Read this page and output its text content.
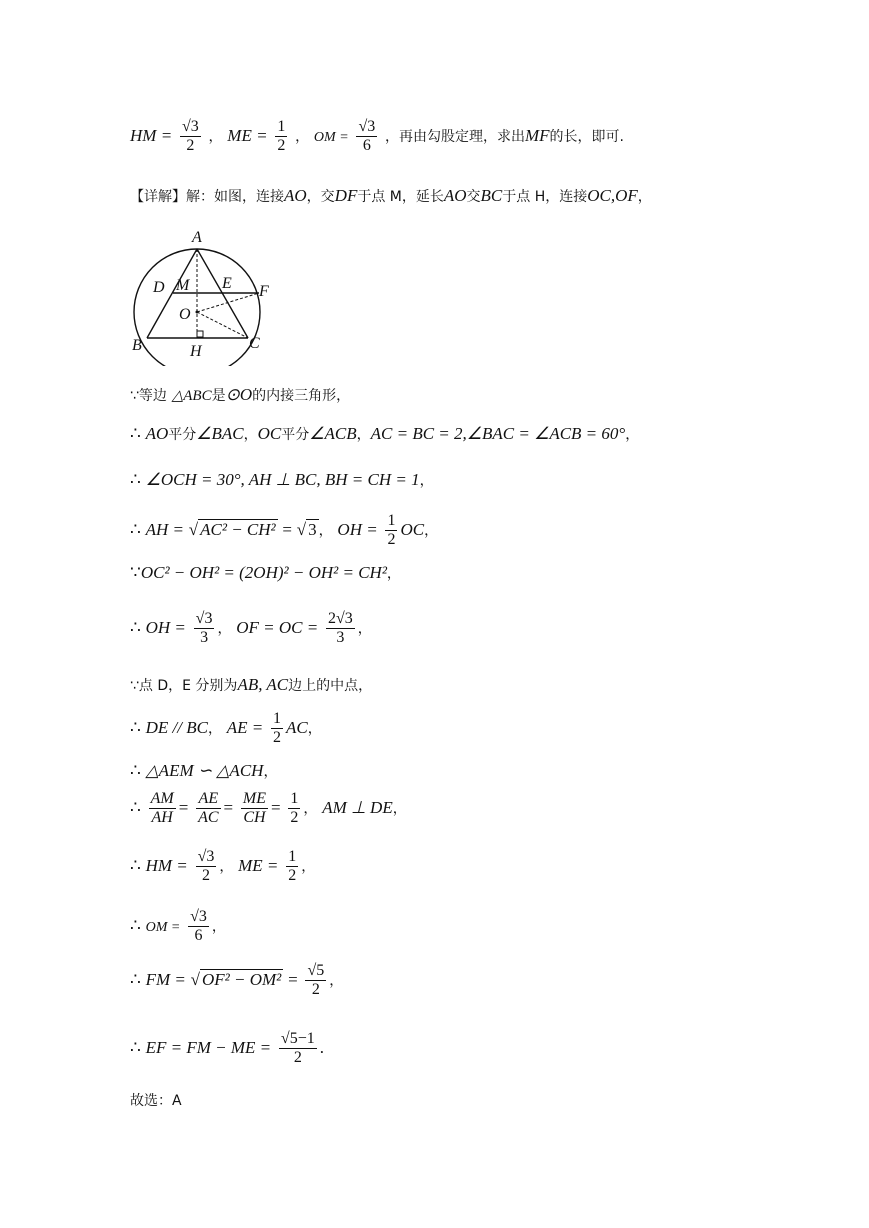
HM = $\frac{√3}{2}$ ， ME = $\frac{1}{2}$ ， OM = $\frac{√3}{6}$ ，再由勾股定理，求出MF的长，即可.
【详解】解：如图，连接AO，交DF于点 M，延长AO交BC于点 H，连接OC,OF，
A
D M E F
O
B	H	C
∵等边 △ABC是⊙O的内接三角形，
∴ AO平分∠BAC，OC平分∠ACB，AC = BC = 2,∠BAC = ∠ACB = 60°，
∴ ∠OCH = 30°, AH ⊥ BC, BH = CH = 1，
∴ AH = √ AC² − CH² = √ 3 ， OH = $\frac{1}{2}$ OC，
∵OC² − OH² = (2OH)² − OH² = CH²，
∴ OH = $\frac{√3}{3}$ ， OF = OC = $\frac{2√3}{3}$ ，
∵点 D，E 分别为AB, AC边上的中点，
∴ DE // BC， AE = $\frac{1}{2}$ AC，
∴ △AEM ∽ △ACH，
∴ $\frac{AM}{AH} = \frac{AE}{AC} = \frac{ME}{CH} = \frac{1}{2}$ ， AM ⊥ DE，
∴ HM = $\frac{√3}{2}$ ， ME = $\frac{1}{2}$ ，
∴ OM = $\frac{√3}{6}$ ，
∴ FM = √ $OF^2 - OM^2 = \frac{√5}{2}$ ，
∴ EF = FM − ME = $\frac{√5-1}{2}$ .
故选：A
